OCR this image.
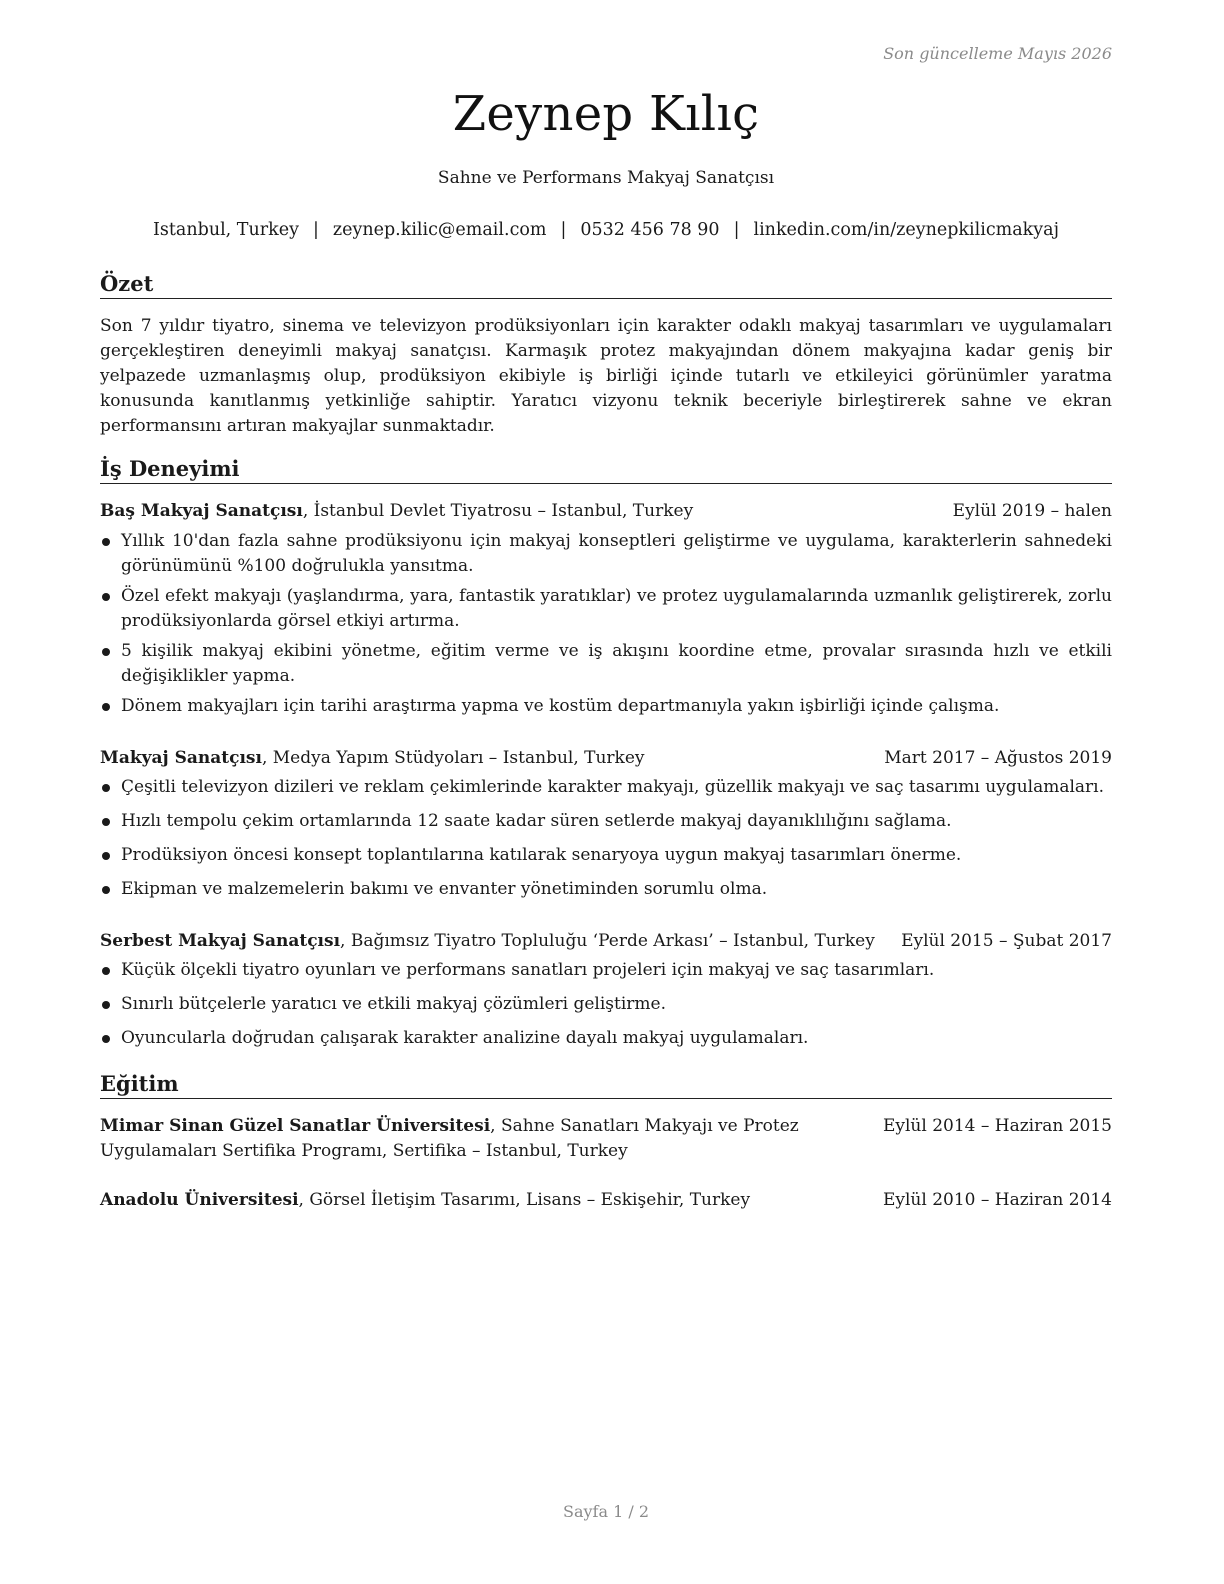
Son güncelleme Mayıs 2026
Zeynep Kılıç
Sahne ve Performans Makyaj Sanatçısı
Istanbul, Turkey | zeynep.kilic@email.com | 0532 456 78 90 | linkedin.com/in/zeynepkilicmakyaj
Özet
Son 7 yıldır tiyatro, sinema ve televizyon prodüksiyonları için karakter odaklı makyaj tasarımları ve uygulamaları gerçekleştiren deneyimli makyaj sanatçısı. Karmaşık protez makyajından dönem makyajına kadar geniş bir yelpazede uzmanlaşmış olup, prodüksiyon ekibiyle iş birliği içinde tutarlı ve etkileyici görünümler yaratma konusunda kanıtlanmış yetkinliğe sahiptir. Yaratıcı vizyonu teknik beceriyle birleştirerek sahne ve ekran performansını artıran makyajlar sunmaktadır.
İş Deneyimi
Baş Makyaj Sanatçısı, İstanbul Devlet Tiyatrosu – Istanbul, Turkey	Eylül 2019 – halen
Yıllık 10'dan fazla sahne prodüksiyonu için makyaj konseptleri geliştirme ve uygulama, karakterlerin sahnedeki görünümünü %100 doğrulukla yansıtma.
Özel efekt makyajı (yaşlandırma, yara, fantastik yaratıklar) ve protez uygulamalarında uzmanlık geliştirerek, zorlu prodüksiyonlarda görsel etkiyi artırma.
5 kişilik makyaj ekibini yönetme, eğitim verme ve iş akışını koordine etme, provalar sırasında hızlı ve etkili değişiklikler yapma.
Dönem makyajları için tarihi araştırma yapma ve kostüm departmanıyla yakın işbirliği içinde çalışma.
Makyaj Sanatçısı, Medya Yapım Stüdyoları – Istanbul, Turkey	Mart 2017 – Ağustos 2019
Çeşitli televizyon dizileri ve reklam çekimlerinde karakter makyajı, güzellik makyajı ve saç tasarımı uygulamaları.
Hızlı tempolu çekim ortamlarında 12 saate kadar süren setlerde makyaj dayanıklılığını sağlama.
Prodüksiyon öncesi konsept toplantılarına katılarak senaryoya uygun makyaj tasarımları önerme.
Ekipman ve malzemelerin bakımı ve envanter yönetiminden sorumlu olma.
Serbest Makyaj Sanatçısı, Bağımsız Tiyatro Topluluğu ‘Perde Arkası’ – Istanbul, Turkey Eylül 2015 – Şubat 2017
Küçük ölçekli tiyatro oyunları ve performans sanatları projeleri için makyaj ve saç tasarımları.
Sınırlı bütçelerle yaratıcı ve etkili makyaj çözümleri geliştirme.
Oyuncularla doğrudan çalışarak karakter analizine dayalı makyaj uygulamaları.
Eğitim
Mimar Sinan Güzel Sanatlar Üniversitesi, Sahne Sanatları Makyajı ve Protez Uygulamaları Sertifika Programı, Sertifika – Istanbul, Turkey
Eylül 2014 – Haziran 2015
Anadolu Üniversitesi, Görsel İletişim Tasarımı, Lisans – Eskişehir, Turkey	Eylül 2010 – Haziran 2014
Sayfa 1 / 2
